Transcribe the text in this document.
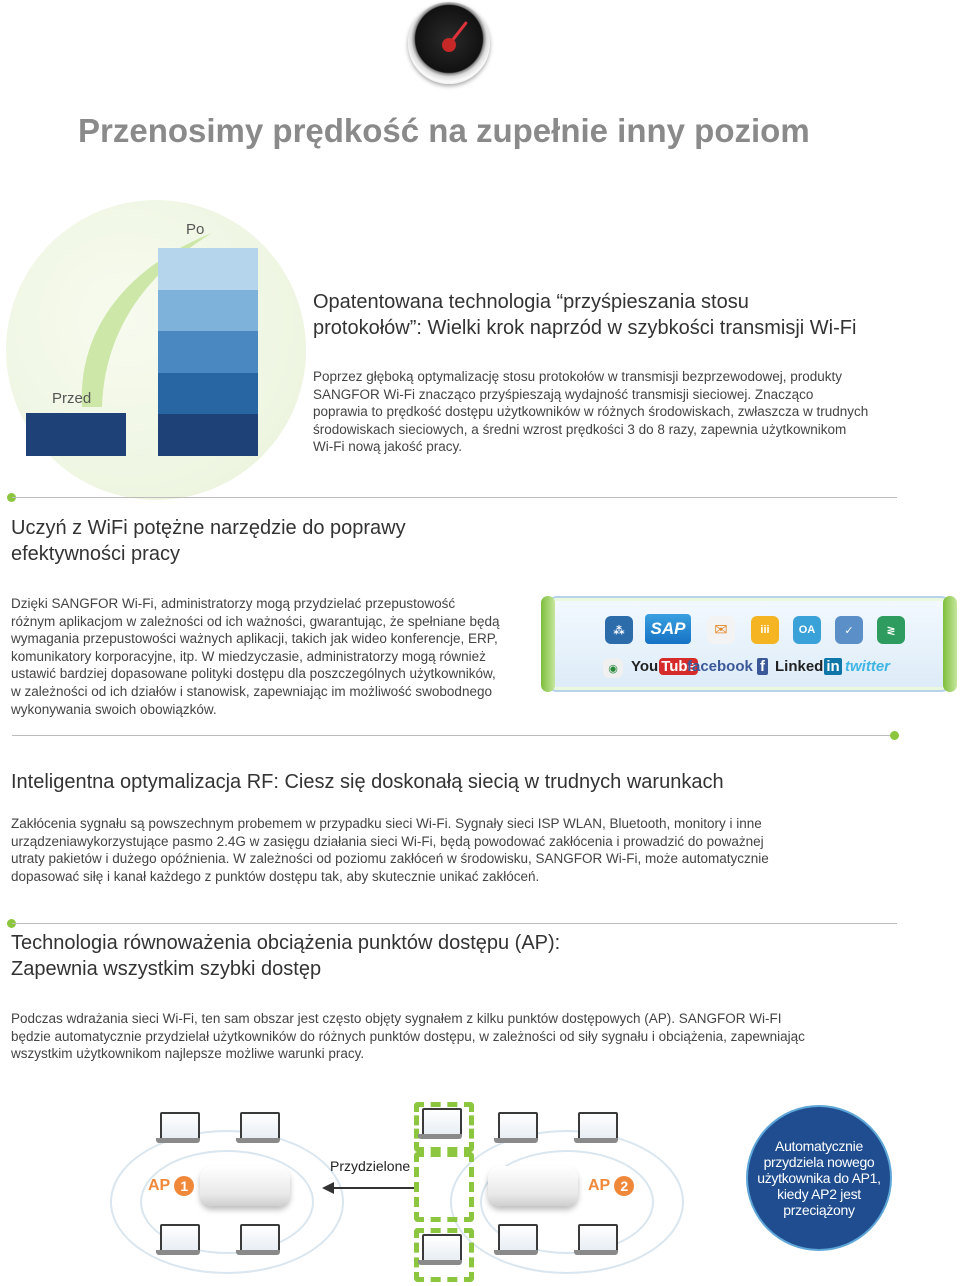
Przenosimy prędkość na zupełnie inny poziom
Po
Przed
Opatentowana technologia “przyśpieszania stosu
protokołów”: Wielki krok naprzód w szybkości transmisji Wi-Fi
Poprzez głęboką optymalizację stosu protokołów w transmisji bezprzewodowej, produkty
SANGFOR Wi-Fi znacząco przyśpieszają wydajność transmisji sieciowej. Znacząco
poprawia to prędkość dostępu użytkowników w różnych środowiskach, zwłaszcza w trudnych
środowiskach sieciowych, a średni wzrost prędkości 3 do 8 razy, zapewnia użytkownikom
Wi-Fi nową jakość pracy.
Uczyń z WiFi potężne narzędzie do poprawy
efektywności pracy
Dzięki SANGFOR Wi-Fi, administratorzy mogą przydzielać przepustowość
różnym aplikacjom w zależności od ich ważności, gwarantując, że spełniane będą
wymagania przepustowości ważnych aplikacji, takich jak wideo konferencje, ERP,
komunikatory korporacyjne, itp. W miedzyczasie, administratorzy mogą również
ustawić bardziej dopasowane polityki dostępu dla poszczególnych użytkowników,
w zależności od ich działów i stanowisk, zapewniając im możliwość swobodnego
wykonywania swoich obowiązków.
⁂	SAP	✉	iii	OA	✓	≷
◉ You Tube
facebook f Linked in twitter
Inteligentna optymalizacja RF: Ciesz się doskonałą siecią w trudnych warunkach
Zakłócenia sygnału są powszechnym probemem w przypadku sieci Wi-Fi. Sygnały sieci ISP WLAN, Bluetooth, monitory i inne
urządzeniawykorzystujące pasmo 2.4G w zasięgu działania sieci Wi-Fi, będą powodować zakłócenia i prowadzić do poważnej
utraty pakietów i dużego opóźnienia. W zależności od poziomu zakłóceń w środowisku, SANGFOR Wi-Fi, może automatycznie
dopasować siłę i kanał każdego z punktów dostępu tak, aby skutecznie unikać zakłóceń.
Technologia równoważenia obciążenia punktów dostępu (AP):
Zapewnia wszystkim szybki dostęp
Podczas wdrażania sieci Wi-Fi, ten sam obszar jest często objęty sygnałem z kilku punktów dostępowych (AP). SANGFOR Wi-FI
będzie automatycznie przydzielał użytkowników do różnych punktów dostępu, w zależności od siły sygnału i obciążenia, zapewniając
wszystkim użytkownikom najlepsze możliwe warunki pracy.
AP 1	AP 2
Przydzielone
Automatycznie przydziela nowego użytkownika do AP1, kiedy AP2 jest przeciążony
